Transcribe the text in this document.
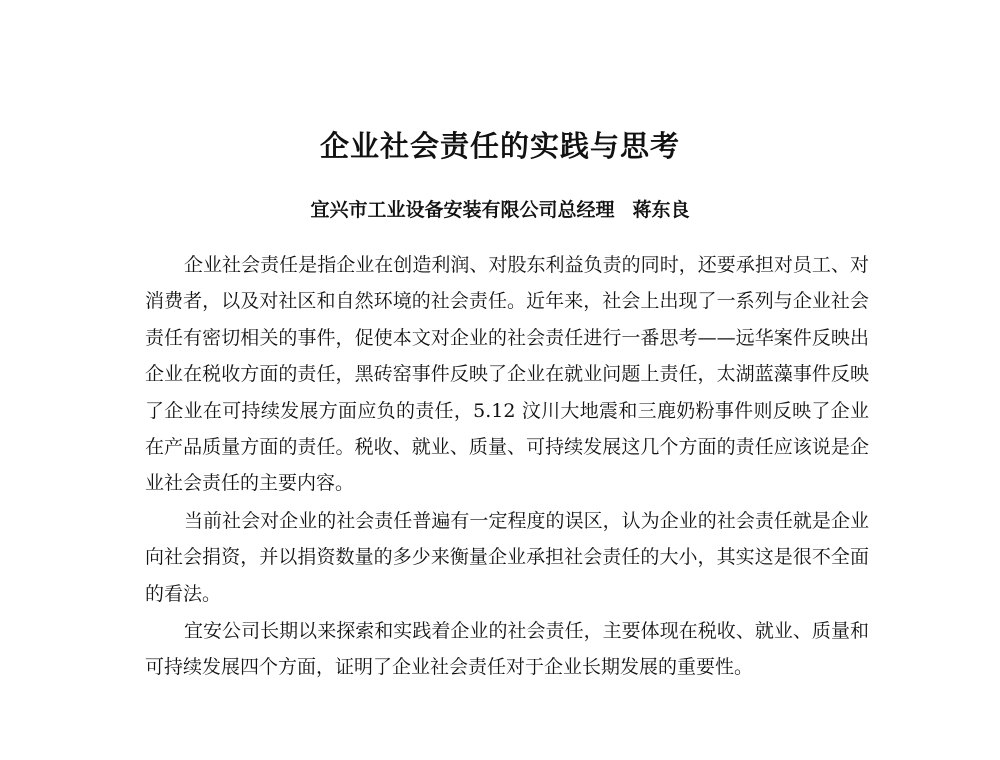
企业社会责任的实践与思考
宜兴市工业设备安装有限公司总经理 蒋东良

企业社会责任是指企业在创造利润、对股东利益负责的同时，还要承担对员工、对消费者，以及对社区和自然环境的社会责任。近年来，社会上出现了一系列与企业社会责任有密切相关的事件，促使本文对企业的社会责任进行一番思考——远华案件反映出企业在税收方面的责任，黑砖窑事件反映了企业在就业问题上责任，太湖蓝藻事件反映了企业在可持续发展方面应负的责任，5.12 汶川大地震和三鹿奶粉事件则反映了企业在产品质量方面的责任。税收、就业、质量、可持续发展这几个方面的责任应该说是企业社会责任的主要内容。

当前社会对企业的社会责任普遍有一定程度的误区，认为企业的社会责任就是企业向社会捐资，并以捐资数量的多少来衡量企业承担社会责任的大小，其实这是很不全面的看法。

宜安公司长期以来探索和实践着企业的社会责任，主要体现在税收、就业、质量和可持续发展四个方面，证明了企业社会责任对于企业长期发展的重要性。
